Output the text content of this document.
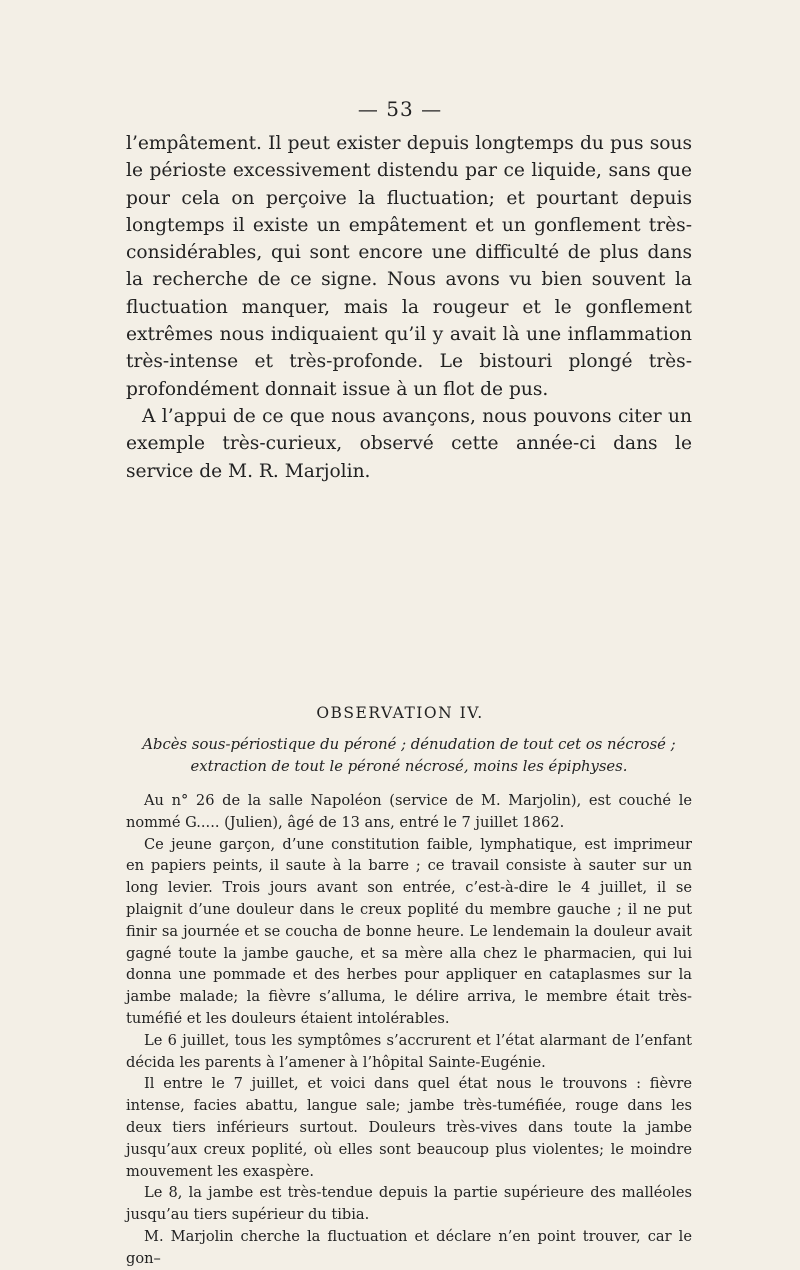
— 53 —

l’empâtement. Il peut exister depuis longtemps du pus sous le périoste excessivement distendu par ce liquide, sans que pour cela on perçoive la fluctuation; et pourtant depuis longtemps il existe un empâtement et un gonflement très-considérables, qui sont encore une difficulté de plus dans la recherche de ce signe. Nous avons vu bien souvent la fluctuation manquer, mais la rougeur et le gonflement extrêmes nous indiquaient qu’il y avait là une inflammation très-intense et très-profonde. Le bistouri plongé très-profondément donnait issue à un flot de pus.

A l’appui de ce que nous avançons, nous pouvons citer un exemple très-curieux, observé cette année-ci dans le service de M. R. Marjolin.

OBSERVATION IV.
Abcès sous-périostique du péroné ; dénudation de tout cet os nécrosé ; extraction de tout le péroné nécrosé, moins les épiphyses.

Au n° 26 de la salle Napoléon (service de M. Marjolin), est couché le nommé G..... (Julien), âgé de 13 ans, entré le 7 juillet 1862.

Ce jeune garçon, d’une constitution faible, lymphatique, est imprimeur en papiers peints, il saute à la barre ; ce travail consiste à sauter sur un long levier. Trois jours avant son entrée, c’est-à-dire le 4 juillet, il se plaignit d’une douleur dans le creux poplité du membre gauche ; il ne put finir sa journée et se coucha de bonne heure. Le lendemain la douleur avait gagné toute la jambe gauche, et sa mère alla chez le pharmacien, qui lui donna une pommade et des herbes pour appliquer en cataplasmes sur la jambe malade; la fièvre s’alluma, le délire arriva, le membre était très-tuméfié et les douleurs étaient intolérables.

Le 6 juillet, tous les symptômes s’accrurent et l’état alarmant de l’enfant décida les parents à l’amener à l’hôpital Sainte-Eugénie.

Il entre le 7 juillet, et voici dans quel état nous le trouvons : fièvre intense, facies abattu, langue sale; jambe très-tuméfiée, rouge dans les deux tiers inférieurs surtout. Douleurs très-vives dans toute la jambe jusqu’aux creux poplité, où elles sont beaucoup plus violentes; le moindre mouvement les exaspère.

Le 8, la jambe est très-tendue depuis la partie supérieure des malléoles jusqu’au tiers supérieur du tibia.

M. Marjolin cherche la fluctuation et déclare n’en point trouver, car le gon–
